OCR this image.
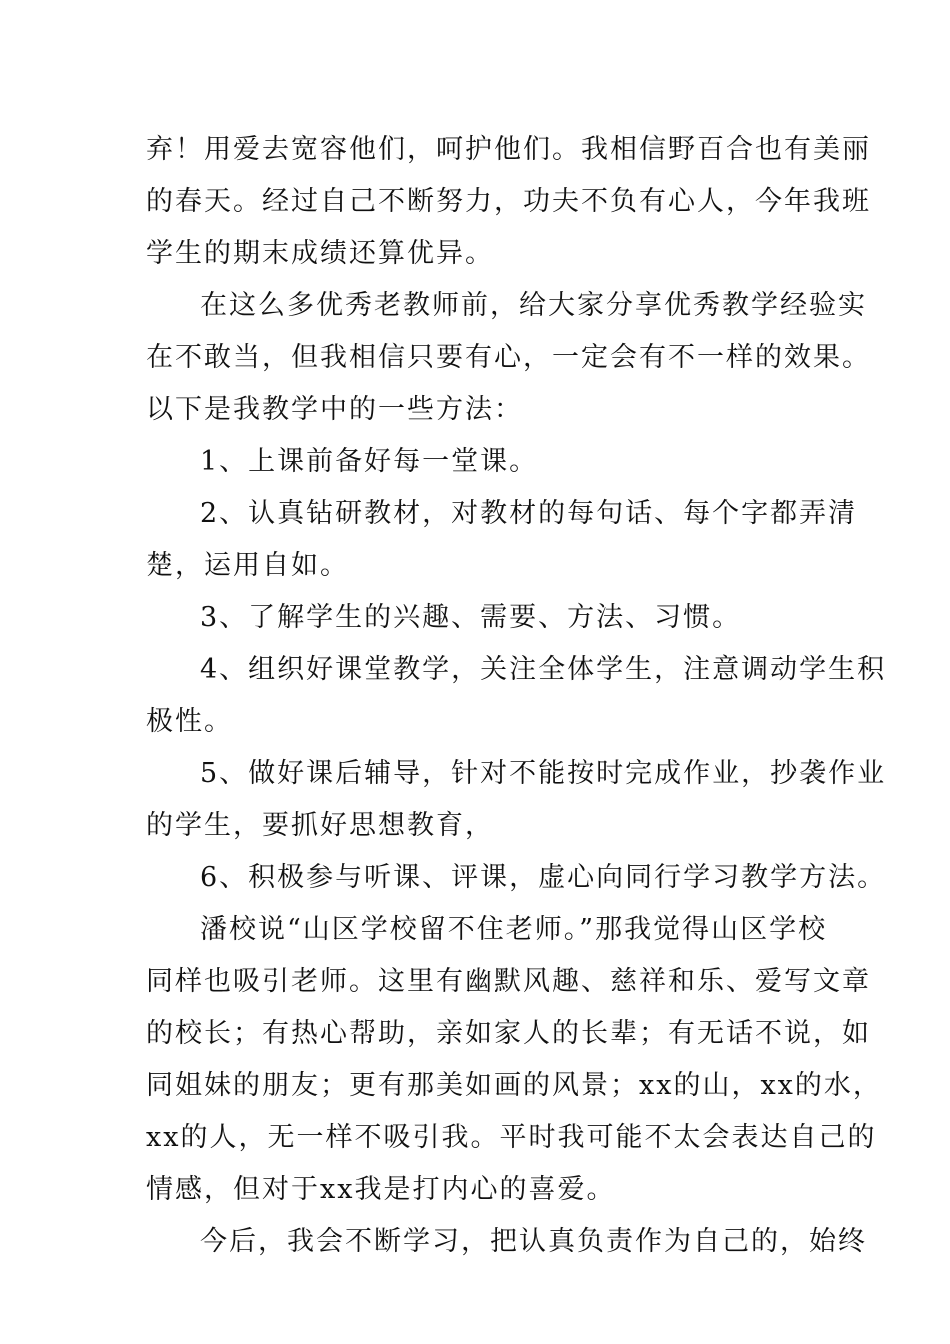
弃！用爱去宽容他们，呵护他们。我相信野百合也有美丽
的春天。经过自己不断努力，功夫不负有心人，今年我班
学生的期末成绩还算优异。
在这么多优秀老教师前，给大家分享优秀教学经验实
在不敢当，但我相信只要有心，一定会有不一样的效果。
以下是我教学中的一些方法：
1、上课前备好每一堂课。
2、认真钻研教材，对教材的每句话、每个字都弄清
楚，运用自如。
3、了解学生的兴趣、需要、方法、习惯。
4、组织好课堂教学，关注全体学生，注意调动学生积
极性。
5、做好课后辅导，针对不能按时完成作业，抄袭作业
的学生，要抓好思想教育，
6、积极参与听课、评课，虚心向同行学习教学方法。
潘校说“山区学校留不住老师。”那我觉得山区学校
同样也吸引老师。这里有幽默风趣、慈祥和乐、爱写文章
的校长；有热心帮助，亲如家人的长辈；有无话不说，如
同姐妹的朋友；更有那美如画的风景；xx的山，xx的水，
xx的人，无一样不吸引我。平时我可能不太会表达自己的
情感，但对于xx我是打内心的喜爱。
今后，我会不断学习，把认真负责作为自己的，始终
